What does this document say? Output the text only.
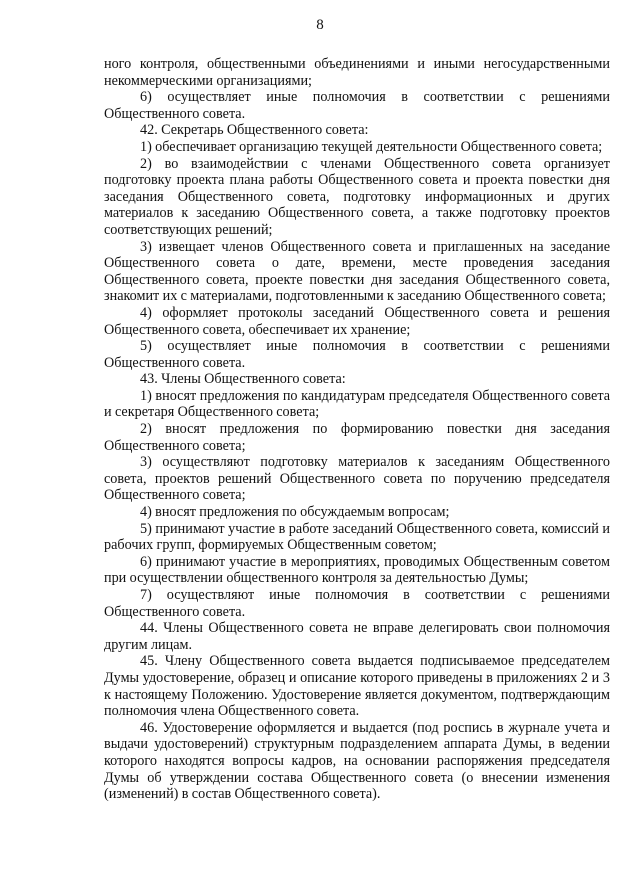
8

ного контроля, общественными объединениями и иными негосударственными некоммерческими организациями;

6) осуществляет иные полномочия в соответствии с решениями Общественного совета.

42. Секретарь Общественного совета:

1) обеспечивает организацию текущей деятельности Общественного совета;

2) во взаимодействии с членами Общественного совета организует подготовку проекта плана работы Общественного совета и проекта повестки дня заседания Общественного совета, подготовку информационных и других материалов к заседанию Общественного совета, а также подготовку проектов соответствующих решений;

3) извещает членов Общественного совета и приглашенных на заседание Общественного совета о дате, времени, месте проведения заседания Общественного совета, проекте повестки дня заседания Общественного совета, знакомит их с материалами, подготовленными к заседанию Общественного совета;

4) оформляет протоколы заседаний Общественного совета и решения Общественного совета, обеспечивает их хранение;

5) осуществляет иные полномочия в соответствии с решениями Общественного совета.

43. Члены Общественного совета:

1) вносят предложения по кандидатурам председателя Общественного совета и секретаря Общественного совета;

2) вносят предложения по формированию повестки дня заседания Общественного совета;

3) осуществляют подготовку материалов к заседаниям Общественного совета, проектов решений Общественного совета по поручению председателя Общественного совета;

4) вносят предложения по обсуждаемым вопросам;

5) принимают участие в работе заседаний Общественного совета, комиссий и рабочих групп, формируемых Общественным советом;

6) принимают участие в мероприятиях, проводимых Общественным советом при осуществлении общественного контроля за деятельностью Думы;

7) осуществляют иные полномочия в соответствии с решениями Общественного совета.

44. Члены Общественного совета не вправе делегировать свои полномочия другим лицам.

45. Члену Общественного совета выдается подписываемое председателем Думы удостоверение, образец и описание которого приведены в приложениях 2 и 3 к настоящему Положению. Удостоверение является документом, подтверждающим полномочия члена Общественного совета.

46. Удостоверение оформляется и выдается (под роспись в журнале учета и выдачи удостоверений) структурным подразделением аппарата Думы, в ведении которого находятся вопросы кадров, на основании распоряжения председателя Думы об утверждении состава Общественного совета (о внесении изменения (изменений) в состав Общественного совета).
